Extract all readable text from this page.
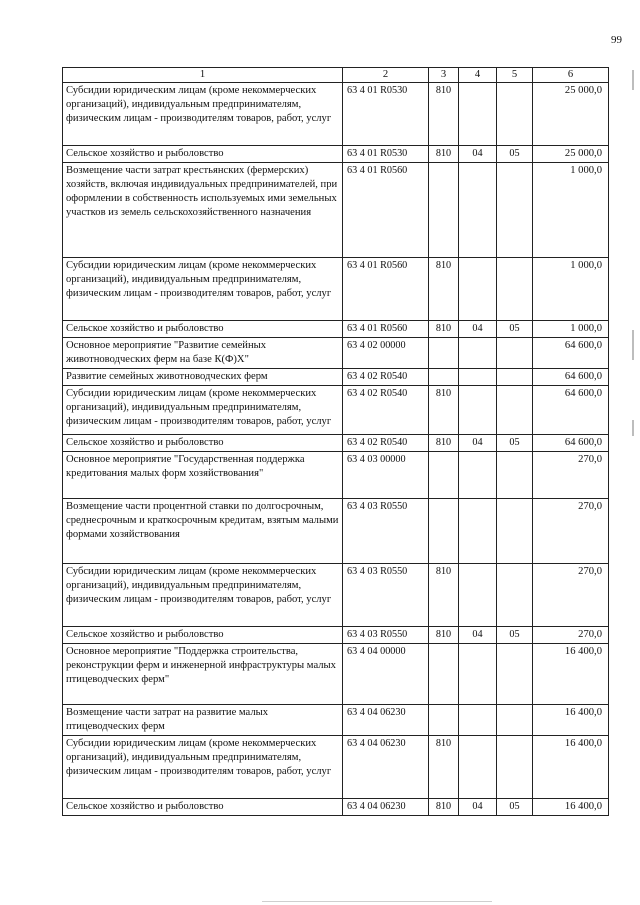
99
1	2	3	4	5	6
Субсидии юридическим лицам (кроме некоммерческих организаций), индивидуальным предпринимателям, физическим лицам - производителям товаров, работ, услуг	63 4 01 R0530	810			25 000,0
Сельское хозяйство и рыболовство	63 4 01 R0530	810	04	05	25 000,0
Возмещение части затрат крестьянских (фермерских) хозяйств, включая индивидуальных предпринимателей, при оформлении в собственность используемых ими земельных участков из земель сельскохозяйственного назначения	63 4 01 R0560				1 000,0
Субсидии юридическим лицам (кроме некоммерческих организаций), индивидуальным предпринимателям, физическим лицам - производителям товаров, работ, услуг	63 4 01 R0560	810			1 000,0
Сельское хозяйство и рыболовство	63 4 01 R0560	810	04	05	1 000,0
Основное мероприятие "Развитие семейных животноводческих ферм на базе К(Ф)Х"	63 4 02 00000				64 600,0
Развитие семейных животноводческих ферм	63 4 02 R0540				64 600,0
Субсидии юридическим лицам (кроме некоммерческих организаций), индивидуальным предпринимателям, физическим лицам - производителям товаров, работ, услуг	63 4 02 R0540	810			64 600,0
Сельское хозяйство и рыболовство	63 4 02 R0540	810	04	05	64 600,0
Основное мероприятие "Государственная поддержка кредитования малых форм хозяйствования"	63 4 03 00000				270,0
Возмещение части процентной ставки по долгосрочным, среднесрочным и краткосрочным кредитам, взятым малыми формами хозяйствования	63 4 03 R0550				270,0
Субсидии юридическим лицам (кроме некоммерческих организаций), индивидуальным предпринимателям, физическим лицам - производителям товаров, работ, услуг	63 4 03 R0550	810			270,0
Сельское хозяйство и рыболовство	63 4 03 R0550	810	04	05	270,0
Основное мероприятие "Поддержка строительства, реконструкции ферм и инженерной инфраструктуры малых птицеводческих ферм"	63 4 04 00000				16 400,0
Возмещение части затрат на развитие малых птицеводческих ферм	63 4 04 06230				16 400,0
Субсидии юридическим лицам (кроме некоммерческих организаций), индивидуальным предпринимателям, физическим лицам - производителям товаров, работ, услуг	63 4 04 06230	810			16 400,0
Сельское хозяйство и рыболовство	63 4 04 06230	810	04	05	16 400,0
